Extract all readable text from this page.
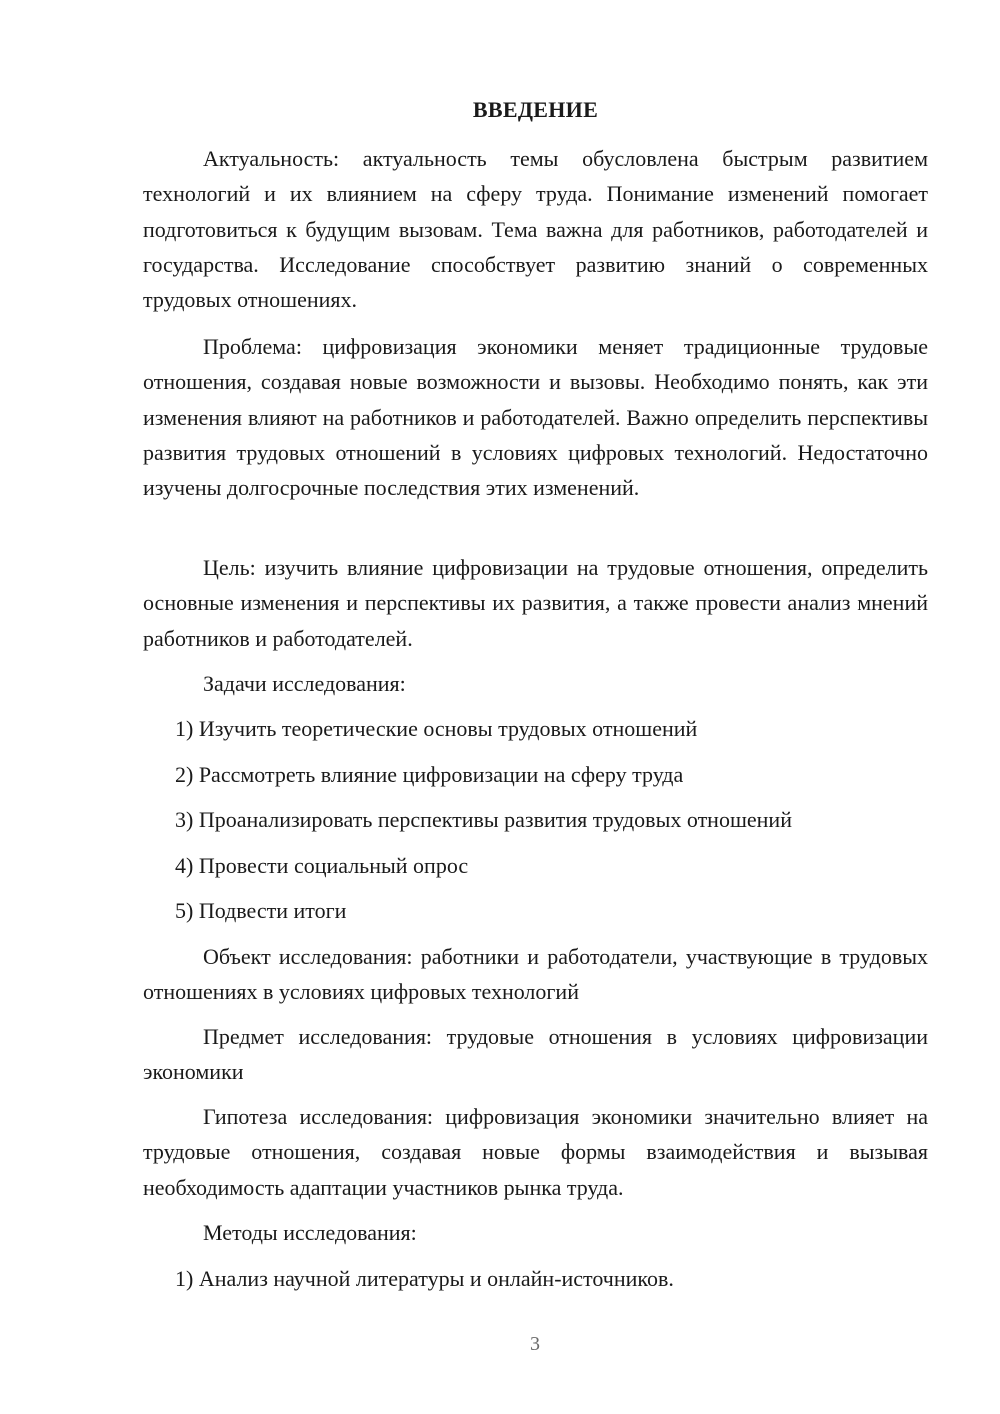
ВВЕДЕНИЕ

Актуальность: актуальность темы обусловлена быстрым развитием технологий и их влиянием на сферу труда. Понимание изменений помогает подготовиться к будущим вызовам. Тема важна для работников, работодателей и государства. Исследование способствует развитию знаний о современных трудовых отношениях.

Проблема: цифровизация экономики меняет традиционные трудовые отношения, создавая новые возможности и вызовы. Необходимо понять, как эти изменения влияют на работников и работодателей. Важно определить перспективы развития трудовых отношений в условиях цифровых технологий. Недостаточно изучены долгосрочные последствия этих изменений.

Цель: изучить влияние цифровизации на трудовые отношения, определить основные изменения и перспективы их развития, а также провести анализ мнений работников и работодателей.

Задачи исследования:

1) Изучить теоретические основы трудовых отношений

2) Рассмотреть влияние цифровизации на сферу труда

3) Проанализировать перспективы развития трудовых отношений

4) Провести социальный опрос

5) Подвести итоги

Объект исследования: работники и работодатели, участвующие в трудовых отношениях в условиях цифровых технологий

Предмет исследования: трудовые отношения в условиях цифровизации экономики

Гипотеза исследования: цифровизация экономики значительно влияет на трудовые отношения, создавая новые формы взаимодействия и вызывая необходимость адаптации участников рынка труда.

Методы исследования:

1) Анализ научной литературы и онлайн-источников.

3
